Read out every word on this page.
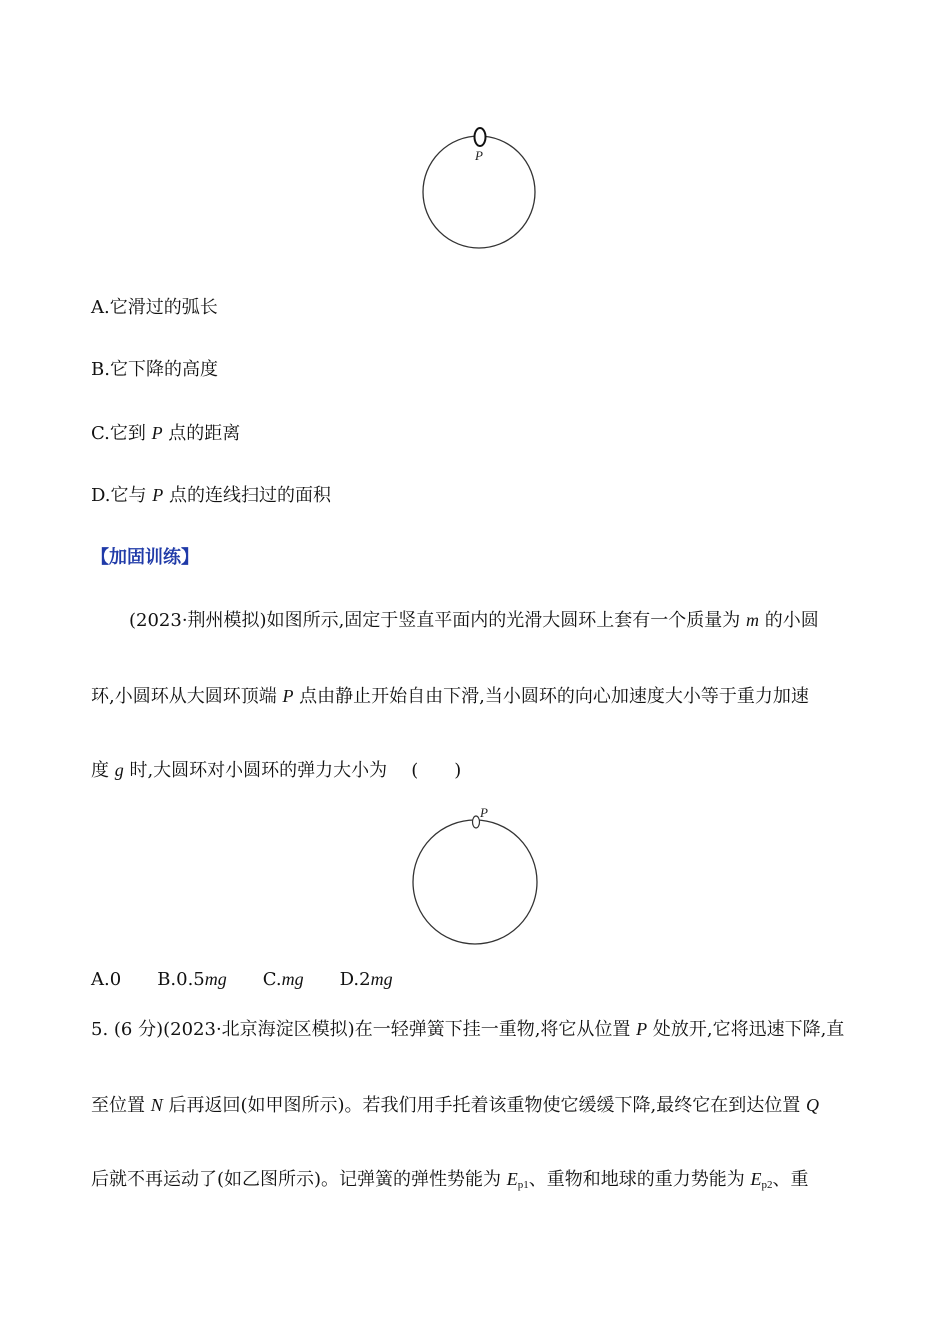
P
A.它滑过的弧长
B.它下降的高度
C.它到 P 点的距离
D.它与 P 点的连线扫过的面积
【加固训练】
(2023·荆州模拟)如图所示,固定于竖直平面内的光滑大圆环上套有一个质量为 m 的小圆
环,小圆环从大圆环顶端 P 点由静止开始自由下滑,当小圆环的向心加速度大小等于重力加速
度 g 时,大圆环对小圆环的弹力大小为 (　　)
P
A.0 B.0.5mg C.mg D.2mg
5. (6 分)(2023·北京海淀区模拟)在一轻弹簧下挂一重物,将它从位置 P 处放开,它将迅速下降,直
至位置 N 后再返回(如甲图所示)。若我们用手托着该重物使它缓缓下降,最终它在到达位置 Q
后就不再运动了(如乙图所示)。记弹簧的弹性势能为 $E_{p1}$、重物和地球的重力势能为 $E_{p2}$、重
